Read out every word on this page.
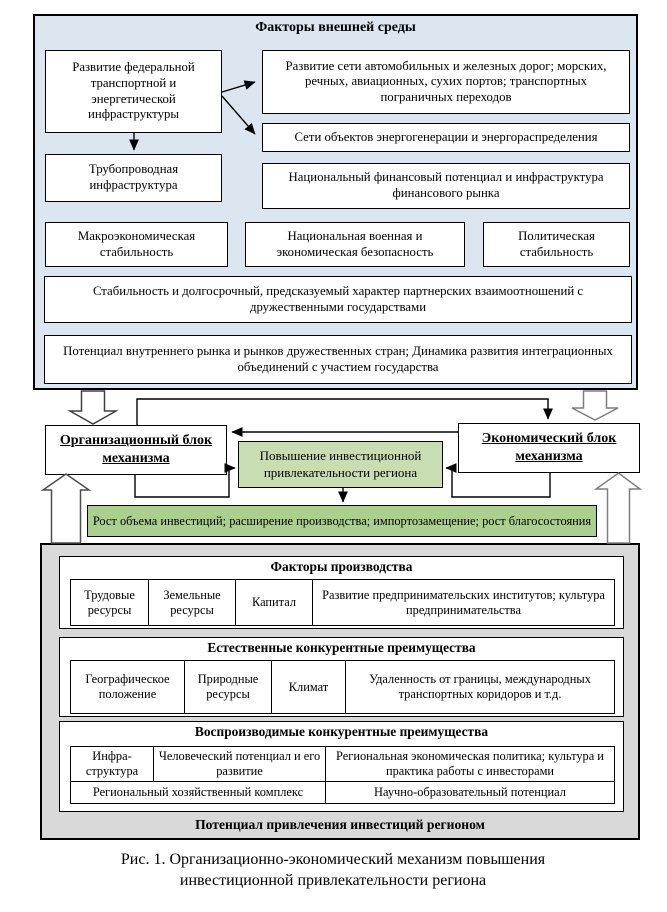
Факторы внешней среды
Развитие федеральной транспортной и энергетической инфраструктуры
Развитие сети автомобильных и железных дорог; морских, речных, авиационных, сухих портов; транспортных пограничных переходов
Сети объектов энергогенерации и энергораспределения
Трубопроводная инфраструктура
Национальный финансовый потенциал и инфраструктура финансового рынка
Макроэкономическая стабильность
Национальная военная и экономическая безопасность
Политическая стабильность
Стабильность и долгосрочный, предсказуемый характер партнерских взаимоотношений с дружественными государствами
Потенциал внутреннего рынка и рынков дружественных стран; Динамика развития интеграционных объединений с участием государства
Организационный блок механизма
Экономический блок механизма
Повышение инвестиционной привлекательности региона
Рост объема инвестиций; расширение производства; импортозамещение; рост благосостояния
Факторы производства
Трудовые ресурсы
Земельные ресурсы
Капитал
Развитие предпринимательских институтов; культура предпринимательства
Естественные конкурентные преимущества
Географическое положение
Природные ресурсы
Климат
Удаленность от границы, международных транспортных коридоров и т.д.
Воспроизводимые конкурентные преимущества
Инфра-структура
Человеческий потенциал и его развитие
Региональная экономическая политика; культура и практика работы с инвесторами
Региональный хозяйственный комплекс	Научно-образовательный потенциал
Потенциал привлечения инвестиций регионом
Рис. 1. Организационно-экономический механизм повышения инвестиционной привлекательности региона
